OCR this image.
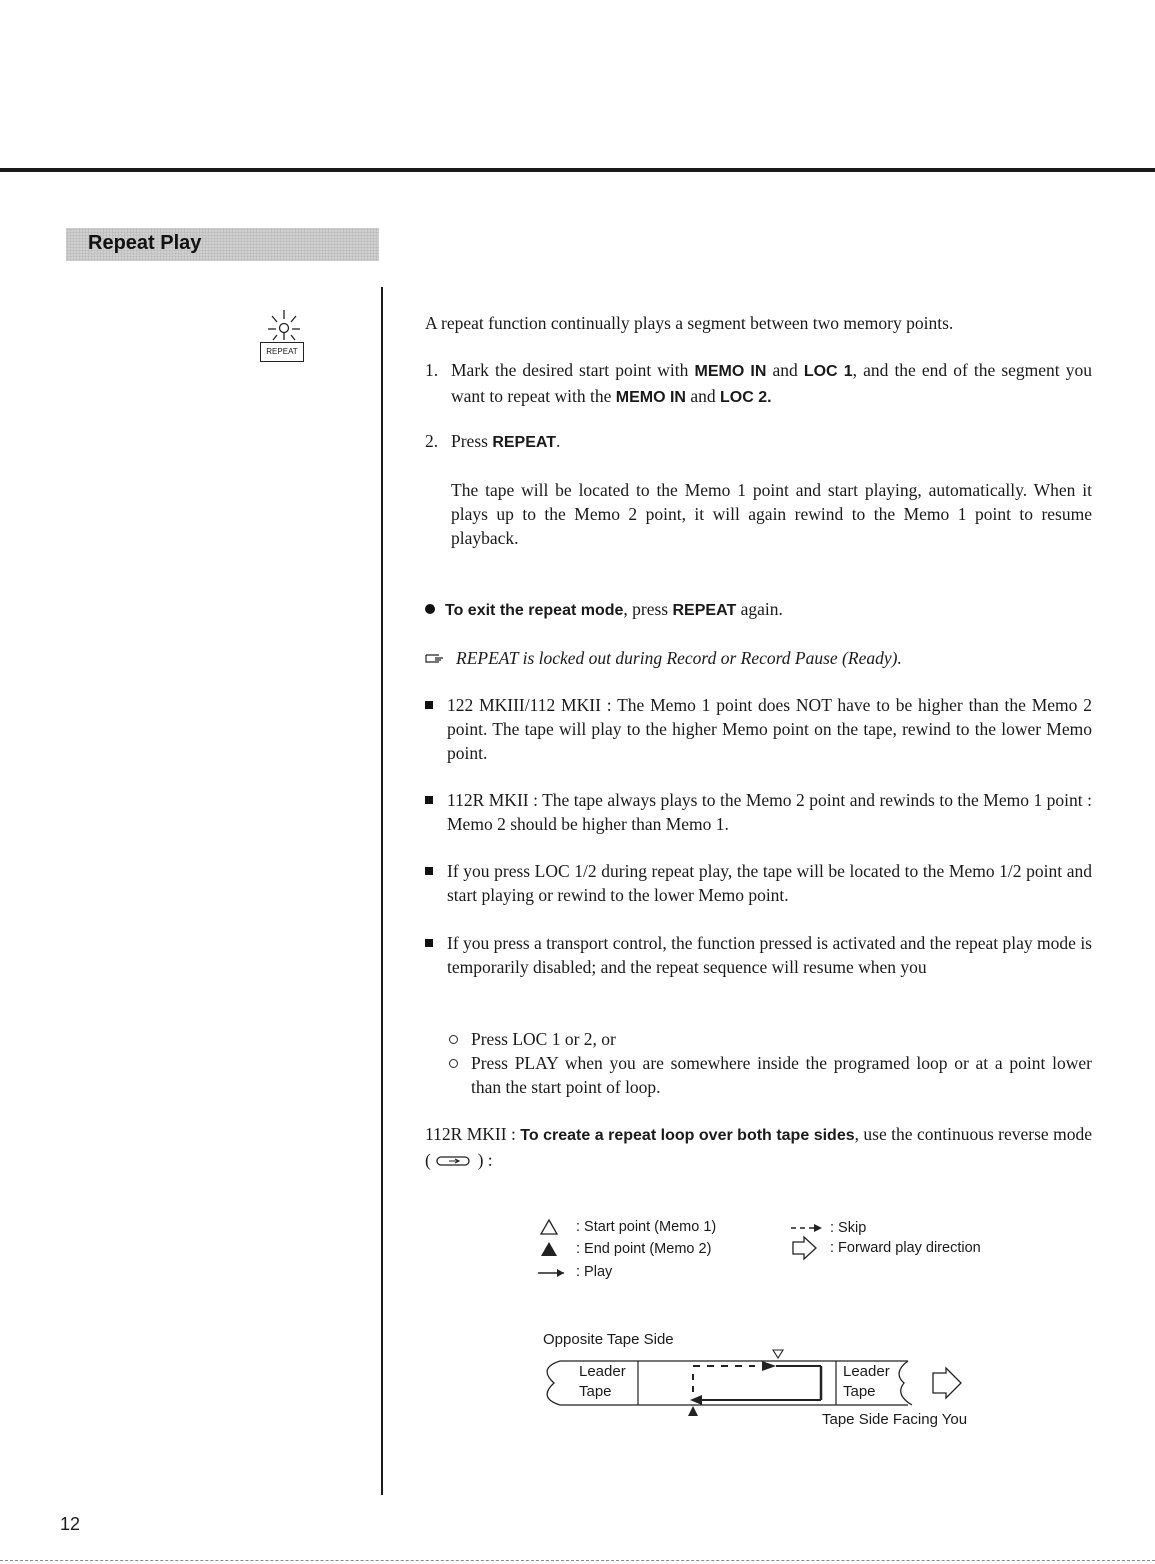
Repeat Play
REPEAT

A repeat function continually plays a segment between two memory points.

1. Mark the desired start point with MEMO IN and LOC 1, and the end of the segment you want to repeat with the MEMO IN and LOC 2.

2. Press REPEAT.

The tape will be located to the Memo 1 point and start playing, automatically. When it plays up to the Memo 2 point, it will again rewind to the Memo 1 point to resume playback.

To exit the repeat mode, press REPEAT again.

REPEAT is locked out during Record or Record Pause (Ready).

122 MKIII/112 MKII : The Memo 1 point does NOT have to be higher than the Memo 2 point. The tape will play to the higher Memo point on the tape, rewind to the lower Memo point.

112R MKII : The tape always plays to the Memo 2 point and rewinds to the Memo 1 point : Memo 2 should be higher than Memo 1.

If you press LOC 1/2 during repeat play, the tape will be located to the Memo 1/2 point and start playing or rewind to the lower Memo point.

If you press a transport control, the function pressed is activated and the repeat play mode is temporarily disabled; and the repeat sequence will resume when you

Press LOC 1 or 2, or

Press PLAY when you are somewhere inside the programed loop or at a point lower than the start point of loop.

112R MKII : To create a repeat loop over both tape sides, use the continuous reverse mode (  ) :

: Start point (Memo 1)
: End point (Memo 2)
: Play
: Skip
: Forward play direction
Opposite Tape Side
Leader
Tape
Leader
Tape
Tape Side Facing You
12
